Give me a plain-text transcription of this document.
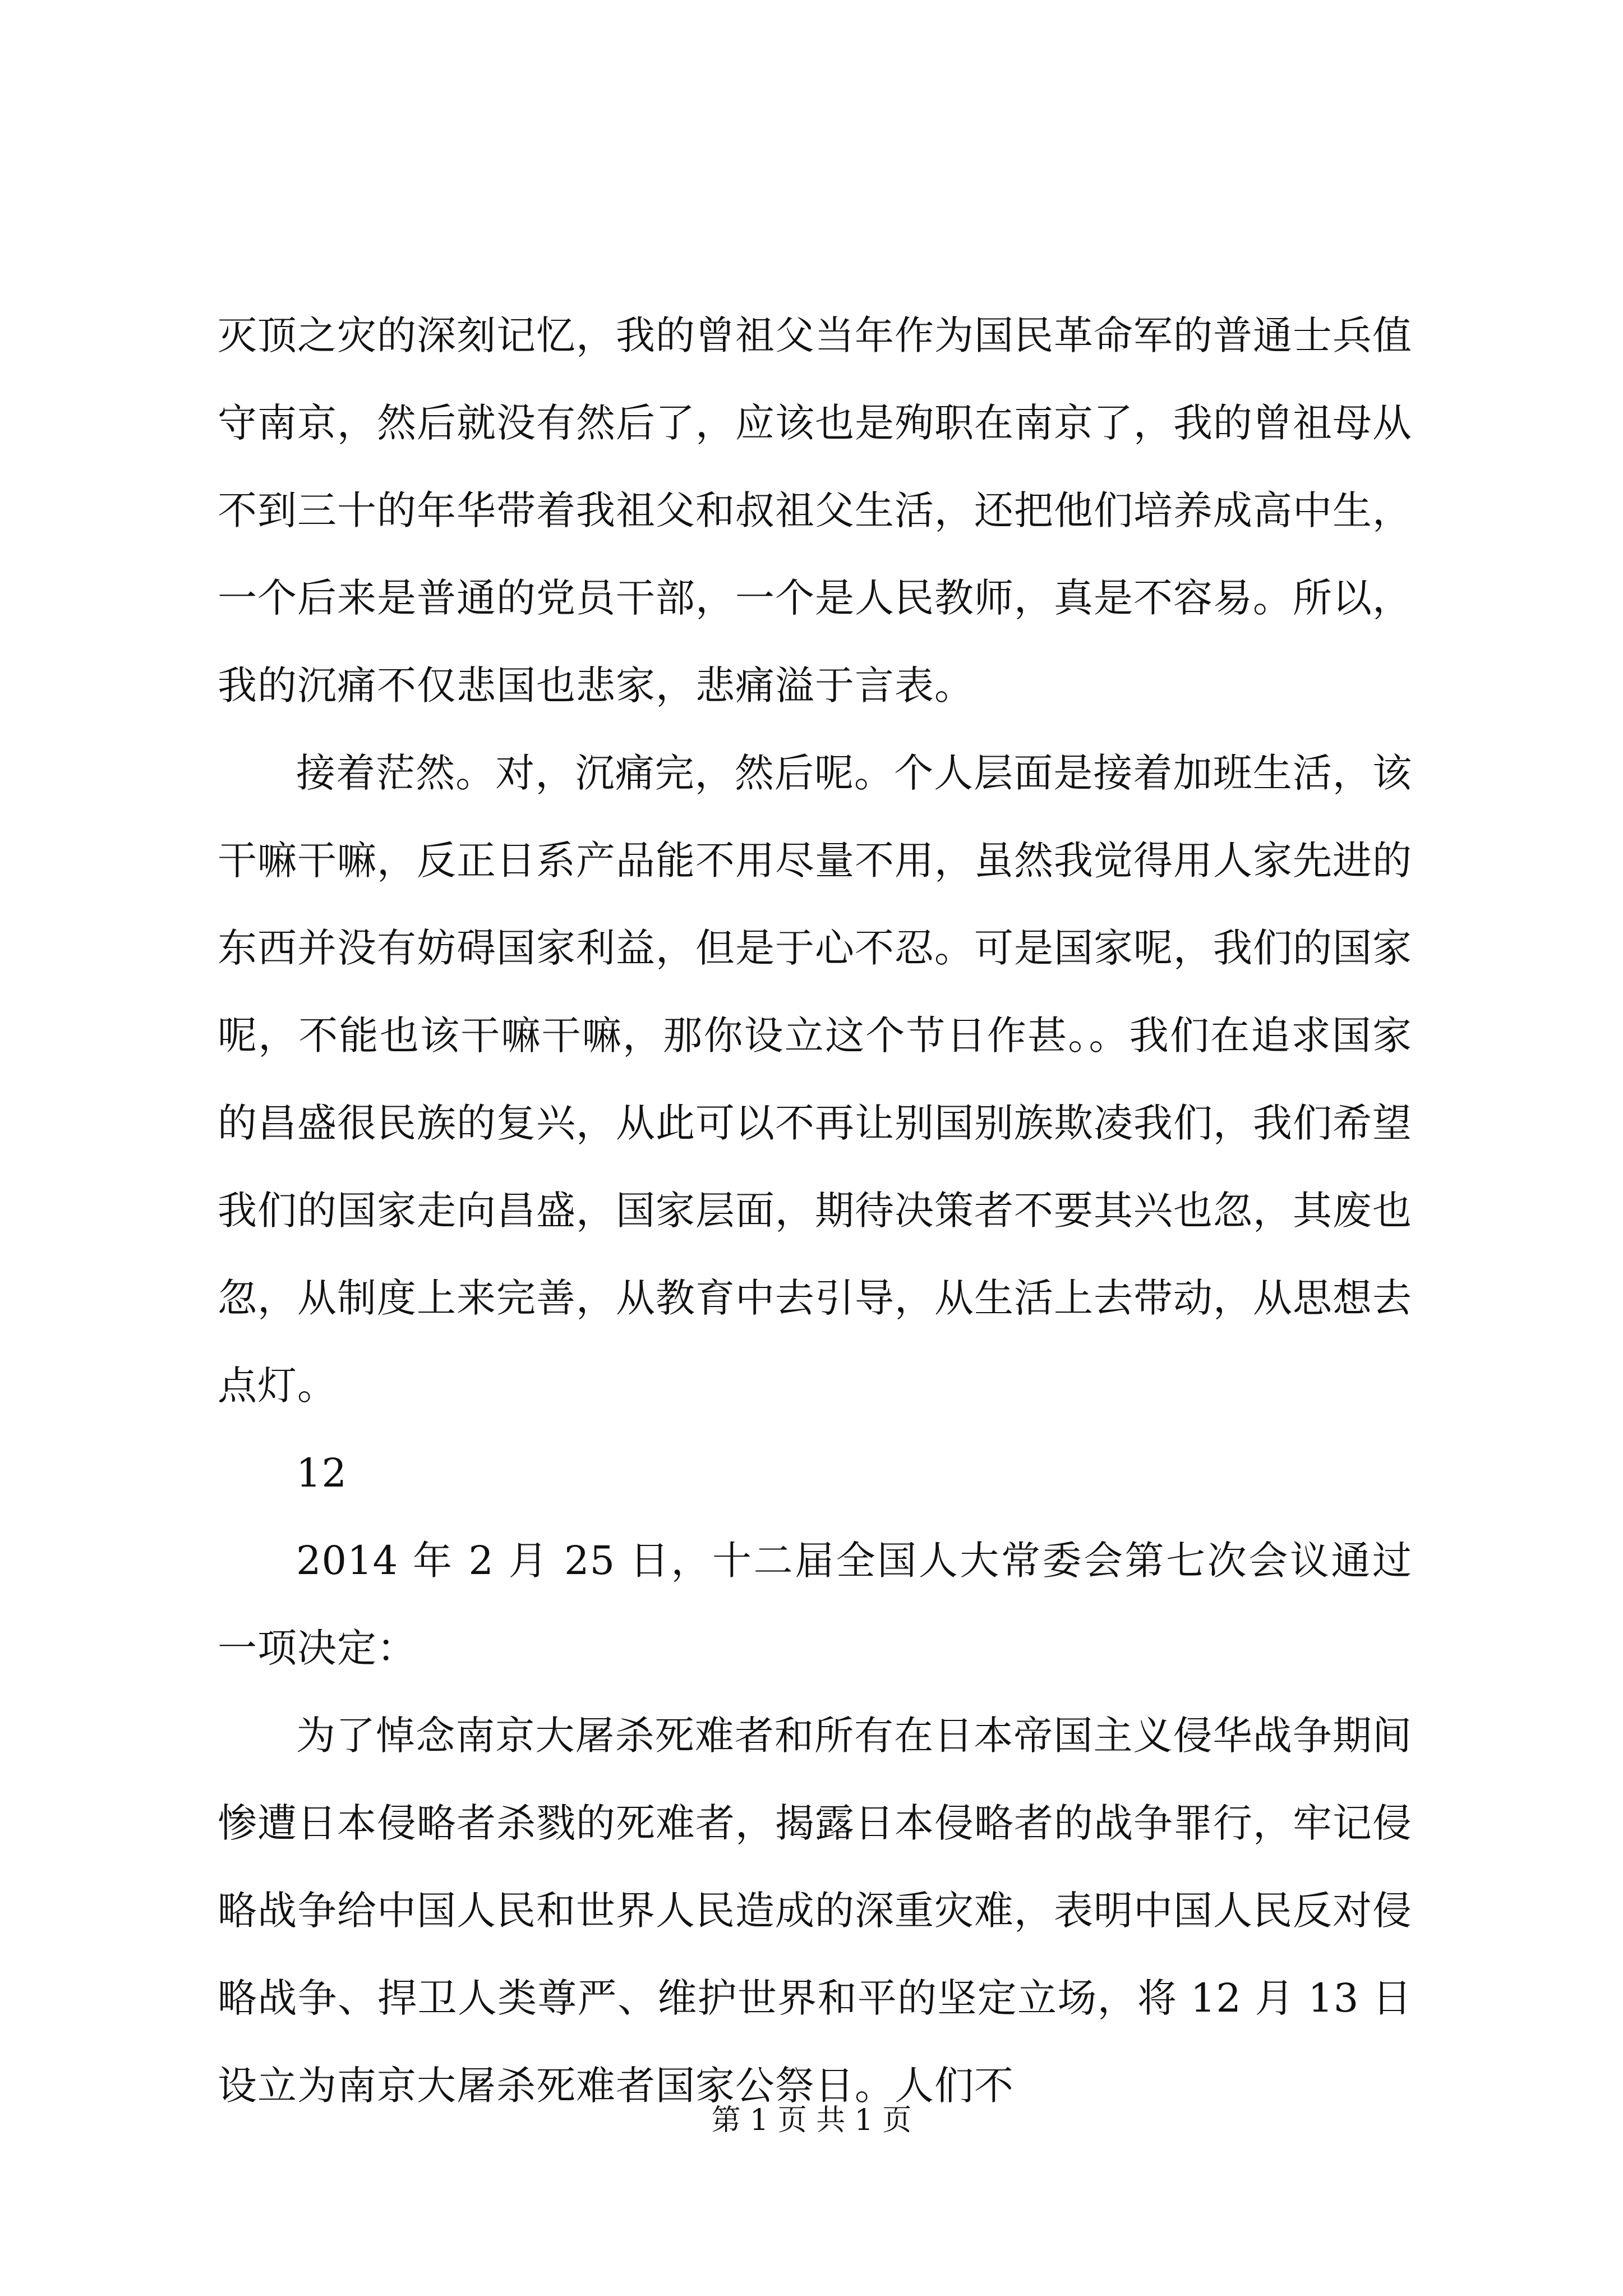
灭顶之灾的深刻记忆，我的曾祖父当年作为国民革命军的普通士兵值守南京，然后就没有然后了，应该也是殉职在南京了，我的曾祖母从不到三十的年华带着我祖父和叔祖父生活，还把他们培养成高中生，一个后来是普通的党员干部，一个是人民教师，真是不容易。所以，我的沉痛不仅悲国也悲家，悲痛溢于言表。

接着茫然。对，沉痛完，然后呢。个人层面是接着加班生活，该干嘛干嘛，反正日系产品能不用尽量不用，虽然我觉得用人家先进的东西并没有妨碍国家利益，但是于心不忍。可是国家呢，我们的国家呢，不能也该干嘛干嘛，那你设立这个节日作甚。。我们在追求国家的昌盛很民族的复兴，从此可以不再让别国别族欺凌我们，我们希望我们的国家走向昌盛，国家层面，期待决策者不要其兴也忽，其废也忽，从制度上来完善，从教育中去引导，从生活上去带动，从思想去点灯。

12

2014 年 2 月 25 日，十二届全国人大常委会第七次会议通过一项决定：

为了悼念南京大屠杀死难者和所有在日本帝国主义侵华战争期间惨遭日本侵略者杀戮的死难者，揭露日本侵略者的战争罪行，牢记侵略战争给中国人民和世界人民造成的深重灾难，表明中国人民反对侵略战争、捍卫人类尊严、维护世界和平的坚定立场，将 12 月 13 日设立为南京大屠杀死难者国家公祭日。人们不

第 1 页 共 1 页
